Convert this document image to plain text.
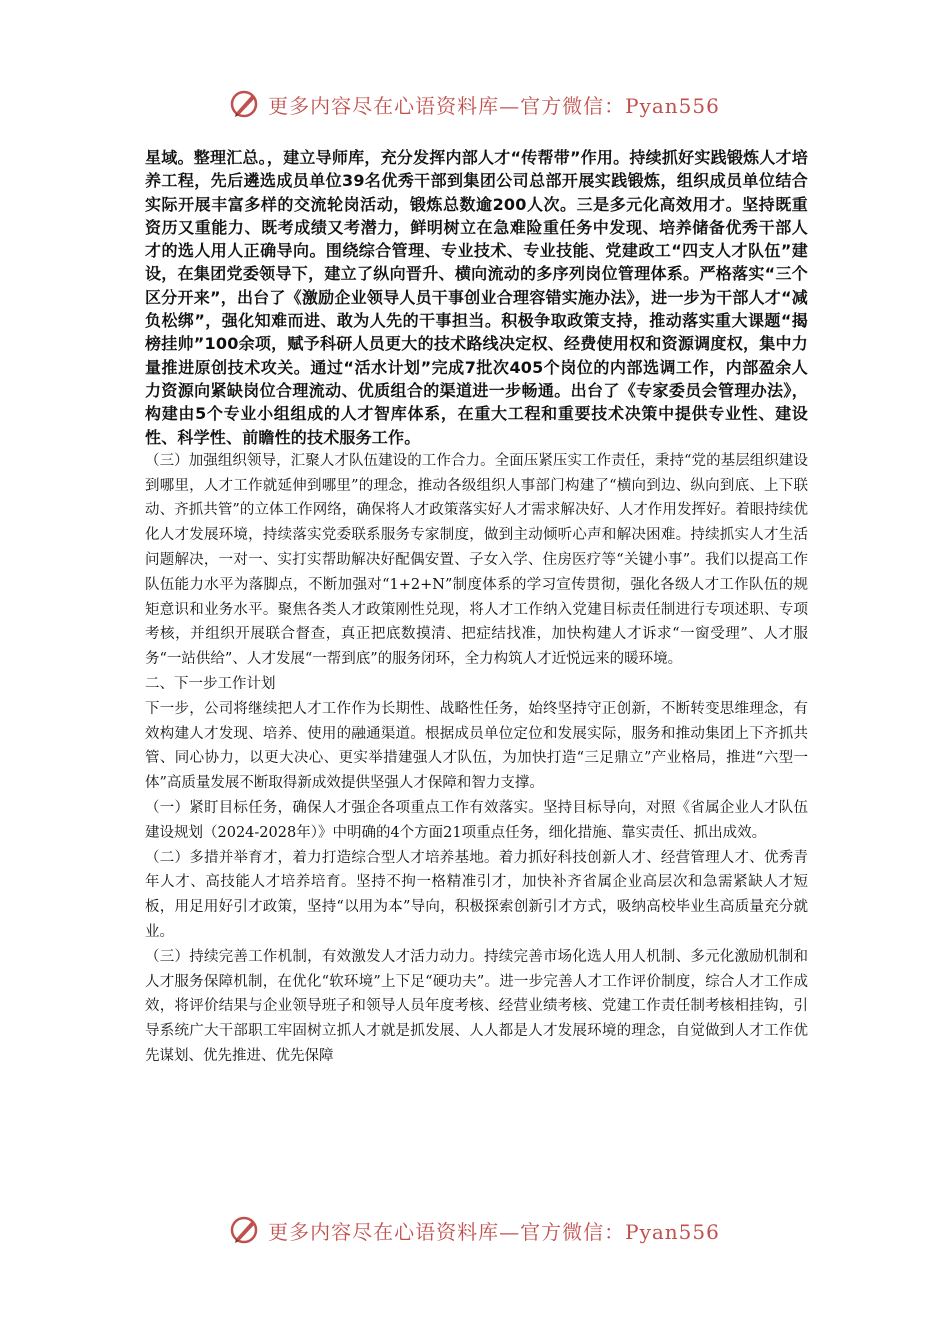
更多内容尽在心语资料库—官方微信：Pyan556

星域。整理汇总。，建立导师库，充分发挥内部人才“传帮带”作用。持续抓好实践锻炼人才培养工程，先后遴选成员单位39名优秀干部到集团公司总部开展实践锻炼，组织成员单位结合实际开展丰富多样的交流轮岗活动，锻炼总数逾200人次。三是多元化高效用才。坚持既重资历又重能力、既考成绩又考潜力，鲜明树立在急难险重任务中发现、培养储备优秀干部人才的选人用人正确导向。围绕综合管理、专业技术、专业技能、党建政工“四支人才队伍”建设，在集团党委领导下，建立了纵向晋升、横向流动的多序列岗位管理体系。严格落实“三个区分开来”，出台了《激励企业领导人员干事创业合理容错实施办法》，进一步为干部人才“减负松绑”，强化知难而进、敢为人先的干事担当。积极争取政策支持，推动落实重大课题“揭榜挂帅”100余项，赋予科研人员更大的技术路线决定权、经费使用权和资源调度权，集中力量推进原创技术攻关。通过“活水计划”完成7批次405个岗位的内部选调工作，内部盈余人力资源向紧缺岗位合理流动、优质组合的渠道进一步畅通。出台了《专家委员会管理办法》，构建由5个专业小组组成的人才智库体系，在重大工程和重要技术决策中提供专业性、建设性、科学性、前瞻性的技术服务工作。

（三）加强组织领导，汇聚人才队伍建设的工作合力。全面压紧压实工作责任，秉持“党的基层组织建设到哪里，人才工作就延伸到哪里”的理念，推动各级组织人事部门构建了“横向到边、纵向到底、上下联动、齐抓共管”的立体工作网络，确保将人才政策落实好人才需求解决好、人才作用发挥好。着眼持续优化人才发展环境，持续落实党委联系服务专家制度，做到主动倾听心声和解决困难。持续抓实人才生活问题解决，一对一、实打实帮助解决好配偶安置、子女入学、住房医疗等“关键小事”。我们以提高工作队伍能力水平为落脚点，不断加强对“1+2+N”制度体系的学习宣传贯彻，强化各级人才工作队伍的规矩意识和业务水平。聚焦各类人才政策刚性兑现，将人才工作纳入党建目标责任制进行专项述职、专项考核，并组织开展联合督查，真正把底数摸清、把症结找准，加快构建人才诉求“一窗受理”、人才服务“一站供给”、人才发展“一帮到底”的服务闭环，全力构筑人才近悦远来的暖环境。

二、下一步工作计划

下一步，公司将继续把人才工作作为长期性、战略性任务，始终坚持守正创新，不断转变思维理念，有效构建人才发现、培养、使用的融通渠道。根据成员单位定位和发展实际，服务和推动集团上下齐抓共管、同心协力，以更大决心、更实举措建强人才队伍，为加快打造“三足鼎立”产业格局，推进“六型一体”高质量发展不断取得新成效提供坚强人才保障和智力支撑。

（一）紧盯目标任务，确保人才强企各项重点工作有效落实。坚持目标导向，对照《省属企业人才队伍建设规划（2024-2028年）》中明确的4个方面21项重点任务，细化措施、靠实责任、抓出成效。

（二）多措并举育才，着力打造综合型人才培养基地。着力抓好科技创新人才、经营管理人才、优秀青年人才、高技能人才培养培育。坚持不拘一格精准引才，加快补齐省属企业高层次和急需紧缺人才短板，用足用好引才政策，坚持“以用为本”导向，积极探索创新引才方式，吸纳高校毕业生高质量充分就业。

（三）持续完善工作机制，有效激发人才活力动力。持续完善市场化选人用人机制、多元化激励机制和人才服务保障机制，在优化“软环境”上下足“硬功夫”。进一步完善人才工作评价制度，综合人才工作成效，将评价结果与企业领导班子和领导人员年度考核、经营业绩考核、党建工作责任制考核相挂钩，引导系统广大干部职工牢固树立抓人才就是抓发展、人人都是人才发展环境的理念，自觉做到人才工作优先谋划、优先推进、优先保障

更多内容尽在心语资料库—官方微信：Pyan556
